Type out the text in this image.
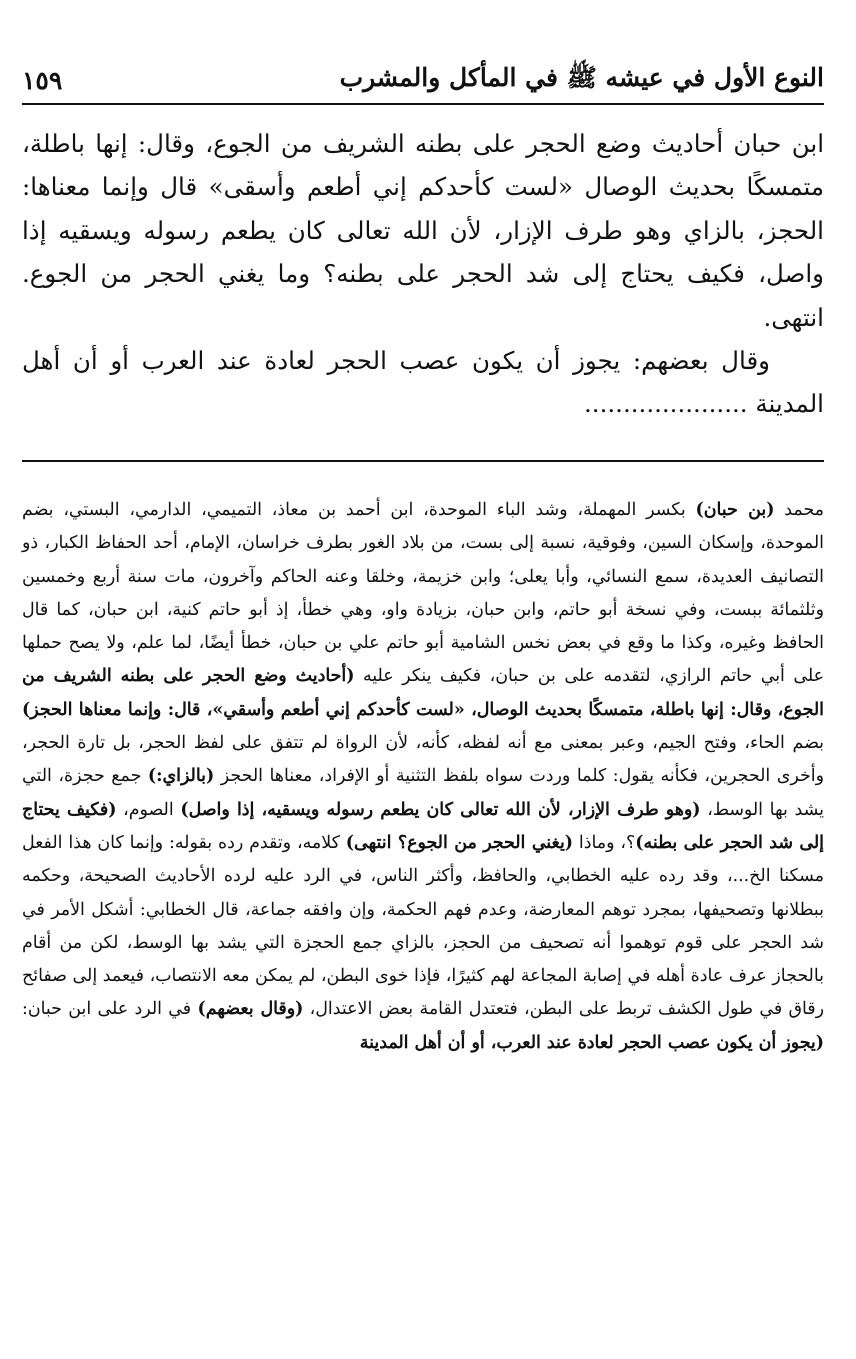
النوع الأول في عيشه ﷺ في المأكل والمشرب
١٥٩

ابن حبان أحاديث وضع الحجر على بطنه الشريف من الجوع، وقال: إنها باطلة، متمسكًا بحديث الوصال «لست كأحدكم إني أطعم وأسقى» قال وإنما معناها: الحجز، بالزاي وهو طرف الإزار، لأن الله تعالى كان يطعم رسوله ويسقيه إذا واصل، فكيف يحتاج إلى شد الحجر على بطنه؟ وما يغني الحجر من الجوع. انتهى.

وقال بعضهم: يجوز أن يكون عصب الحجر لعادة عند العرب أو أن أهل المدينة .....................

محمد (بن حبان) بكسر المهملة، وشد الباء الموحدة، ابن أحمد بن معاذ، التميمي، الدارمي، البستي، بضم الموحدة، وإسكان السين، وفوقية، نسبة إلى بست، من بلاد الغور بطرف خراسان، الإمام، أحد الحفاظ الكبار، ذو التصانيف العديدة، سمع النسائي، وأبا يعلى؛ وابن خزيمة، وخلقا وعنه الحاكم وآخرون، مات سنة أربع وخمسين وثلثمائة ببست، وفي نسخة أبو حاتم، وابن حبان، بزيادة واو، وهي خطأ، إذ أبو حاتم كنية، ابن حبان، كما قال الحافظ وغيره، وكذا ما وقع في بعض نخس الشامية أبو حاتم علي بن حبان، خطأ أيضًا، لما علم، ولا يصح حملها على أبي حاتم الرازي، لتقدمه على بن حبان، فكيف ينكر عليه (أحاديث وضع الحجر على بطنه الشريف من الجوع، وقال: إنها باطلة، متمسكًا بحديث الوصال، «لست كأحدكم إني أطعم وأسقي»، قال: وإنما معناها الحجز) بضم الحاء، وفتح الجيم، وعبر بمعنى مع أنه لفظه، كأنه، لأن الرواة لم تتفق على لفظ الحجر، بل تارة الحجر، وأخرى الحجرين، فكأنه يقول: كلما وردت سواه بلفظ التثنية أو الإفراد، معناها الحجز (بالزاي:) جمع حجزة، التي يشد بها الوسط، (وهو طرف الإزار، لأن الله تعالى كان يطعم رسوله ويسقيه، إذا واصل) الصوم، (فكيف يحتاج إلى شد الحجر على بطنه)؟، وماذا (يغني الحجر من الجوع؟ انتهى) كلامه، وتقدم رده بقوله: وإنما كان هذا الفعل مسكنا الخ...، وقد رده عليه الخطابي، والحافظ، وأكثر الناس، في الرد عليه لرده الأحاديث الصحيحة، وحكمه ببطلانها وتصحيفها، بمجرد توهم المعارضة، وعدم فهم الحكمة، وإن وافقه جماعة، قال الخطابي: أشكل الأمر في شد الحجر على قوم توهموا أنه تصحيف من الحجز، بالزاي جمع الحجزة التي يشد بها الوسط، لكن من أقام بالحجاز عرف عادة أهله في إصابة المجاعة لهم كثيرًا، فإذا خوى البطن، لم يمكن معه الانتصاب، فيعمد إلى صفائح رقاق في طول الكشف تربط على البطن، فتعتدل القامة بعض الاعتدال، (وقال بعضهم) في الرد على ابن حبان: (يجوز أن يكون عصب الحجر لعادة عند العرب، أو أن أهل المدينة
